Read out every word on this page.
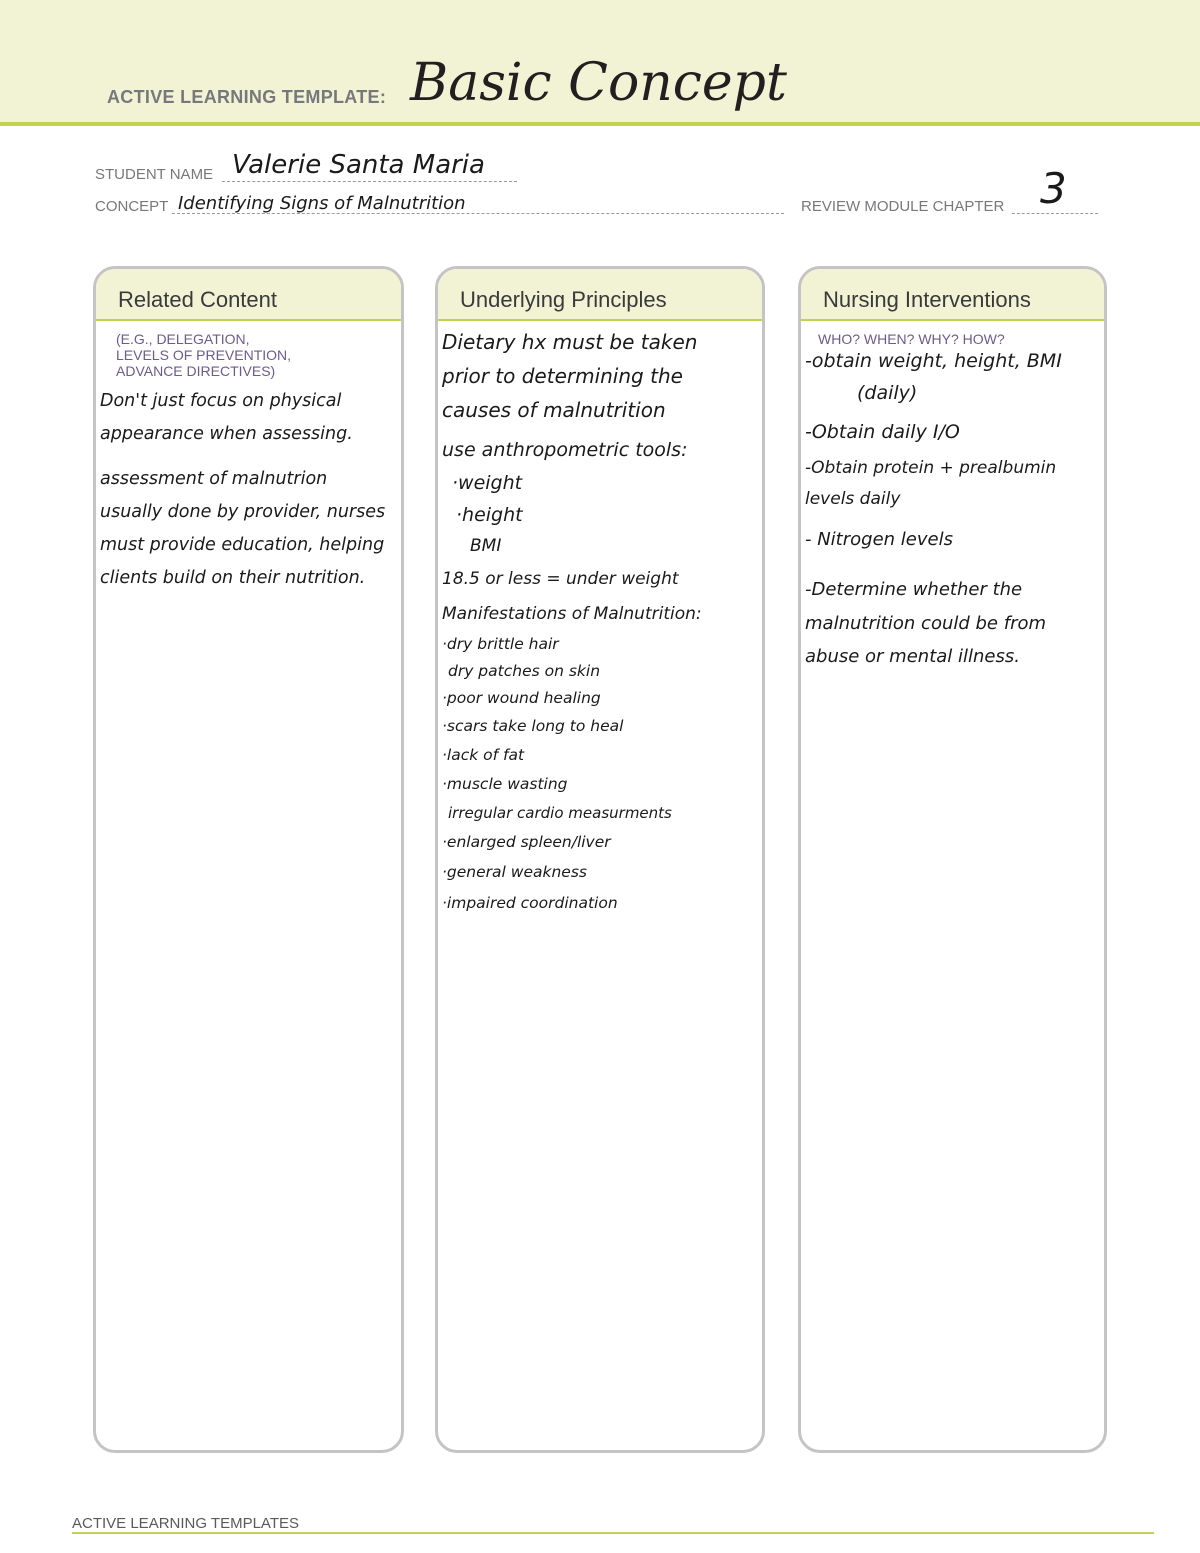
ACTIVE LEARNING TEMPLATE: Basic Concept
STUDENT NAME Valerie Santa Maria
CONCEPT Identifying Signs of Malnutrition	REVIEW MODULE CHAPTER 3
Related Content
(E.G., DELEGATION,
LEVELS OF PREVENTION,
ADVANCE DIRECTIVES)
Don't just focus on physical
appearance when assessing.
assessment of malnutrion
usually done by provider, nurses
must provide education, helping
clients build on their nutrition.
Underlying Principles
Dietary hx must be taken
prior to determining the
causes of malnutrition
use anthropometric tools:
·weight
·height
BMI
18.5 or less = under weight
Manifestations of Malnutrition:
·dry brittle hair
dry patches on skin
·poor wound healing
·scars take long to heal
·lack of fat
·muscle wasting
irregular cardio measurments
·enlarged spleen/liver
·general weakness
·impaired coordination
Nursing Interventions
WHO? WHEN? WHY? HOW?
-obtain weight, height, BMI
(daily)
-Obtain daily I/O
-Obtain protein + prealbumin
levels daily
- Nitrogen levels
-Determine whether the
malnutrition could be from
abuse or mental illness.
ACTIVE LEARNING TEMPLATES
